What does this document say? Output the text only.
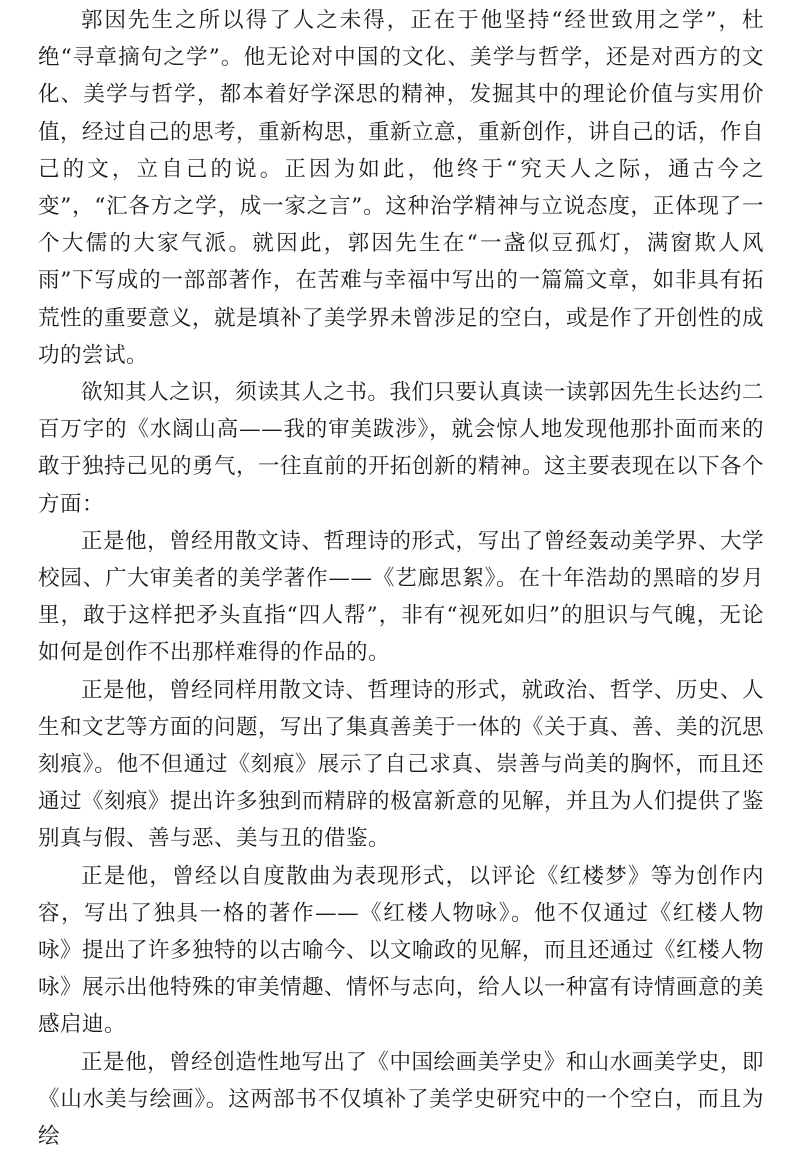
郭因先生之所以得了人之未得，正在于他坚持“经世致用之学”，杜绝“寻章摘句之学”。他无论对中国的文化、美学与哲学，还是对西方的文化、美学与哲学，都本着好学深思的精神，发掘其中的理论价值与实用价值，经过自己的思考，重新构思，重新立意，重新创作，讲自己的话，作自己的文，立自己的说。正因为如此，他终于“究天人之际，通古今之变”，“汇各方之学，成一家之言”。这种治学精神与立说态度，正体现了一个大儒的大家气派。就因此，郭因先生在“一盏似豆孤灯，满窗欺人风雨”下写成的一部部著作，在苦难与幸福中写出的一篇篇文章，如非具有拓荒性的重要意义，就是填补了美学界未曾涉足的空白，或是作了开创性的成功的尝试。

欲知其人之识，须读其人之书。我们只要认真读一读郭因先生长达约二百万字的《水阔山高——我的审美跋涉》，就会惊人地发现他那扑面而来的敢于独持己见的勇气，一往直前的开拓创新的精神。这主要表现在以下各个方面：

正是他，曾经用散文诗、哲理诗的形式，写出了曾经轰动美学界、大学校园、广大审美者的美学著作——《艺廊思絮》。在十年浩劫的黑暗的岁月里，敢于这样把矛头直指“四人帮”，非有“视死如归”的胆识与气魄，无论如何是创作不出那样难得的作品的。

正是他，曾经同样用散文诗、哲理诗的形式，就政治、哲学、历史、人生和文艺等方面的问题，写出了集真善美于一体的《关于真、善、美的沉思刻痕》。他不但通过《刻痕》展示了自己求真、崇善与尚美的胸怀，而且还通过《刻痕》提出许多独到而精辟的极富新意的见解，并且为人们提供了鉴别真与假、善与恶、美与丑的借鉴。

正是他，曾经以自度散曲为表现形式，以评论《红楼梦》等为创作内容，写出了独具一格的著作——《红楼人物咏》。他不仅通过《红楼人物咏》提出了许多独特的以古喻今、以文喻政的见解，而且还通过《红楼人物咏》展示出他特殊的审美情趣、情怀与志向，给人以一种富有诗情画意的美感启迪。

正是他，曾经创造性地写出了《中国绘画美学史》和山水画美学史，即《山水美与绘画》。这两部书不仅填补了美学史研究中的一个空白，而且为绘
